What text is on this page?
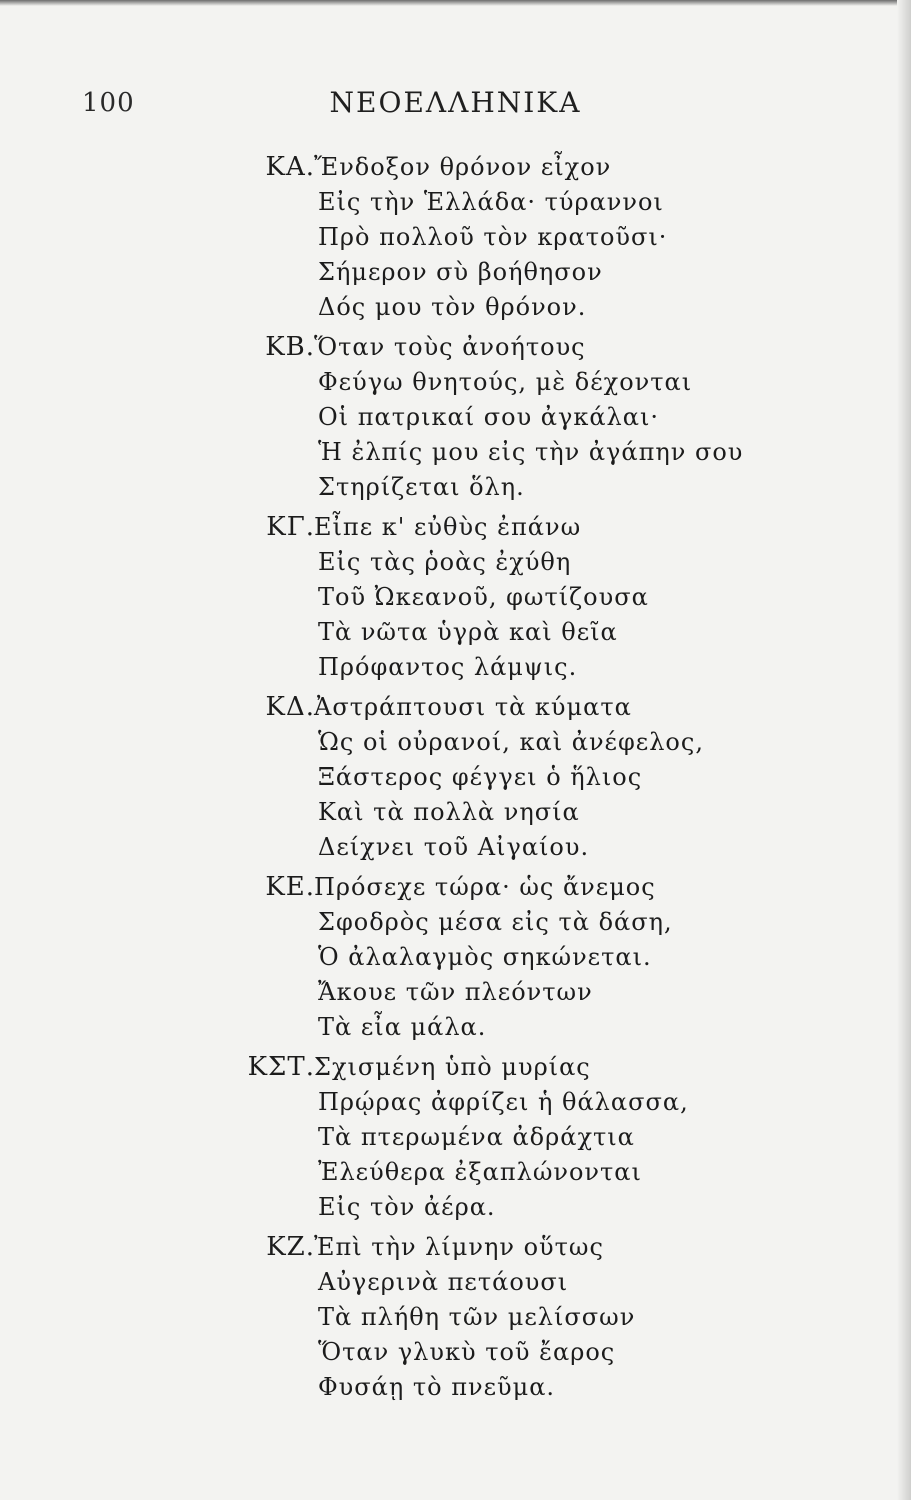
100	ΝΕΟΕΛΛΗΝΙΚΑ
ΚΑ. Ἔνδοξον θρόνον εἶχον
Εἰς τὴν Ἑλλάδα· τύραννοι
Πρὸ πολλοῦ τὸν κρατοῦσι·
Σήμερον σὺ βοήθησον
Δός μου τὸν θρόνον.
ΚΒ. Ὅταν τοὺς ἀνοήτους
Φεύγω θνητούς, μὲ δέχονται
Οἱ πατρικαί σου ἀγκάλαι·
Ἡ ἐλπίς μου εἰς τὴν ἀγάπην σου
Στηρίζεται ὅλη.
ΚΓ. Εἶπε κ' εὐθὺς ἐπάνω
Εἰς τὰς ῥοὰς ἐχύθη
Τοῦ Ὠκεανοῦ, φωτίζουσα
Τὰ νῶτα ὑγρὰ καὶ θεῖα
Πρόφαντος λάμψις.
ΚΔ. Ἀστράπτουσι τὰ κύματα
Ὡς οἱ οὐρανοί, καὶ ἀνέφελος,
Ξάστερος φέγγει ὁ ἥλιος
Καὶ τὰ πολλὰ νησία
Δείχνει τοῦ Αἰγαίου.
ΚΕ. Πρόσεχε τώρα· ὡς ἄνεμος
Σφοδρὸς μέσα εἰς τὰ δάση,
Ὁ ἀλαλαγμὸς σηκώνεται.
Ἄκουε τῶν πλεόντων
Τὰ εἶα μάλα.
ΚΣΤ. Σχισμένη ὑπὸ μυρίας
Πρῴρας ἀφρίζει ἡ θάλασσα,
Τὰ πτερωμένα ἀδράχτια
Ἐλεύθερα ἐξαπλώνονται
Εἰς τὸν ἀέρα.
ΚΖ. Ἐπὶ τὴν λίμνην οὕτως
Αὐγερινὰ πετάουσι
Τὰ πλήθη τῶν μελίσσων
Ὅταν γλυκὺ τοῦ ἔαρος
Φυσάῃ τὸ πνεῦμα.
